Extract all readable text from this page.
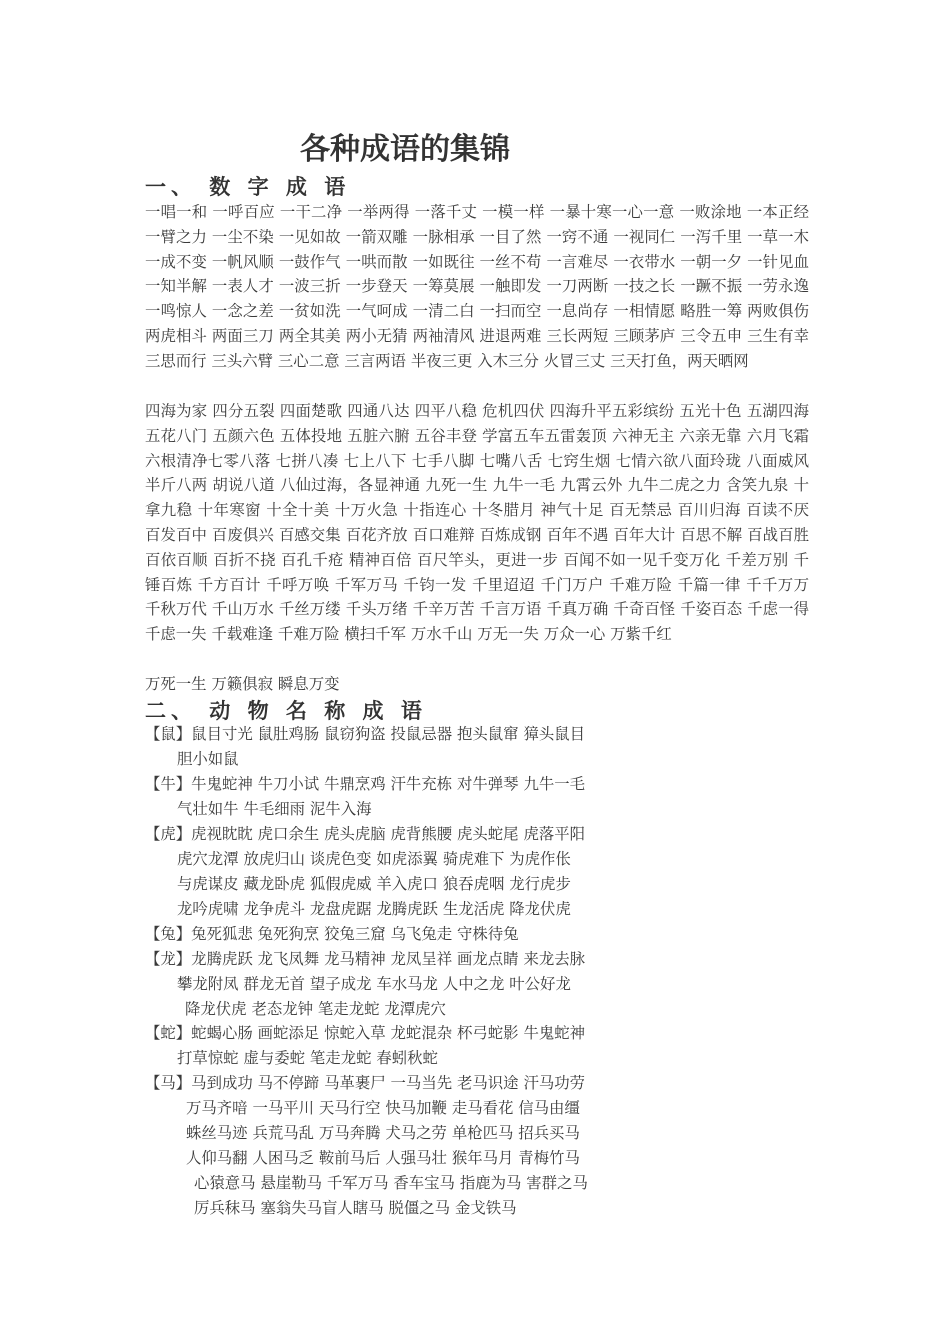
各种成语的集锦
一、 数 字 成 语

一唱一和 一呼百应 一干二净 一举两得 一落千丈 一模一样 一暴十寒一心一意 一败涂地 一本正经 一臂之力 一尘不染 一见如故 一箭双雕 一脉相承 一目了然 一窍不通 一视同仁 一泻千里 一草一木 一成不变 一帆风顺 一鼓作气 一哄而散 一如既往 一丝不苟 一言难尽 一衣带水 一朝一夕 一针见血 一知半解 一表人才 一波三折 一步登天 一筹莫展 一触即发 一刀两断 一技之长 一蹶不振 一劳永逸 一鸣惊人 一念之差 一贫如洗 一气呵成 一清二白 一扫而空 一息尚存 一相情愿 略胜一筹 两败俱伤 两虎相斗 两面三刀 两全其美 两小无猜 两袖清风 进退两难 三长两短 三顾茅庐 三令五申 三生有幸 三思而行 三头六臂 三心二意 三言两语 半夜三更 入木三分 火冒三丈 三天打鱼，两天晒网

四海为家 四分五裂 四面楚歌 四通八达 四平八稳 危机四伏 四海升平五彩缤纷 五光十色 五湖四海 五花八门 五颜六色 五体投地 五脏六腑 五谷丰登 学富五车五雷轰顶 六神无主 六亲无靠 六月飞霜 六根清净七零八落 七拼八凑 七上八下 七手八脚 七嘴八舌 七窍生烟 七情六欲八面玲珑 八面威风 半斤八两 胡说八道 八仙过海，各显神通 九死一生 九牛一毛 九霄云外 九牛二虎之力 含笑九泉 十拿九稳 十年寒窗 十全十美 十万火急 十指连心 十冬腊月 神气十足 百无禁忌 百川归海 百读不厌 百发百中 百废俱兴 百感交集 百花齐放 百口难辩 百炼成钢 百年不遇 百年大计 百思不解 百战百胜 百依百顺 百折不挠 百孔千疮 精神百倍 百尺竿头，更进一步 百闻不如一见千变万化 千差万别 千锤百炼 千方百计 千呼万唤 千军万马 千钧一发 千里迢迢 千门万户 千难万险 千篇一律 千千万万 千秋万代 千山万水 千丝万缕 千头万绪 千辛万苦 千言万语 千真万确 千奇百怪 千姿百态 千虑一得 千虑一失 千载难逢 千难万险 横扫千军 万水千山 万无一失 万众一心 万紫千红

万死一生 万籁俱寂 瞬息万变

二、 动 物 名 称 成 语
【鼠】鼠目寸光 鼠肚鸡肠 鼠窃狗盗 投鼠忌器 抱头鼠窜 獐头鼠目
胆小如鼠
【牛】牛鬼蛇神 牛刀小试 牛鼎烹鸡 汗牛充栋 对牛弹琴 九牛一毛
气壮如牛 牛毛细雨 泥牛入海
【虎】虎视眈眈 虎口余生 虎头虎脑 虎背熊腰 虎头蛇尾 虎落平阳
虎穴龙潭 放虎归山 谈虎色变 如虎添翼 骑虎难下 为虎作伥
与虎谋皮 藏龙卧虎 狐假虎威 羊入虎口 狼吞虎咽 龙行虎步
龙吟虎啸 龙争虎斗 龙盘虎踞 龙腾虎跃 生龙活虎 降龙伏虎
【兔】兔死狐悲 兔死狗烹 狡兔三窟 乌飞兔走 守株待兔
【龙】龙腾虎跃 龙飞凤舞 龙马精神 龙凤呈祥 画龙点睛 来龙去脉
攀龙附凤 群龙无首 望子成龙 车水马龙 人中之龙 叶公好龙
降龙伏虎 老态龙钟 笔走龙蛇 龙潭虎穴
【蛇】蛇蝎心肠 画蛇添足 惊蛇入草 龙蛇混杂 杯弓蛇影 牛鬼蛇神
打草惊蛇 虚与委蛇 笔走龙蛇 春蚓秋蛇
【马】马到成功 马不停蹄 马革裹尸 一马当先 老马识途 汗马功劳
万马齐喑 一马平川 天马行空 快马加鞭 走马看花 信马由缰
蛛丝马迹 兵荒马乱 万马奔腾 犬马之劳 单枪匹马 招兵买马
人仰马翻 人困马乏 鞍前马后 人强马壮 猴年马月 青梅竹马
心猿意马 悬崖勒马 千军万马 香车宝马 指鹿为马 害群之马
厉兵秣马 塞翁失马盲人瞎马 脱僵之马 金戈铁马
